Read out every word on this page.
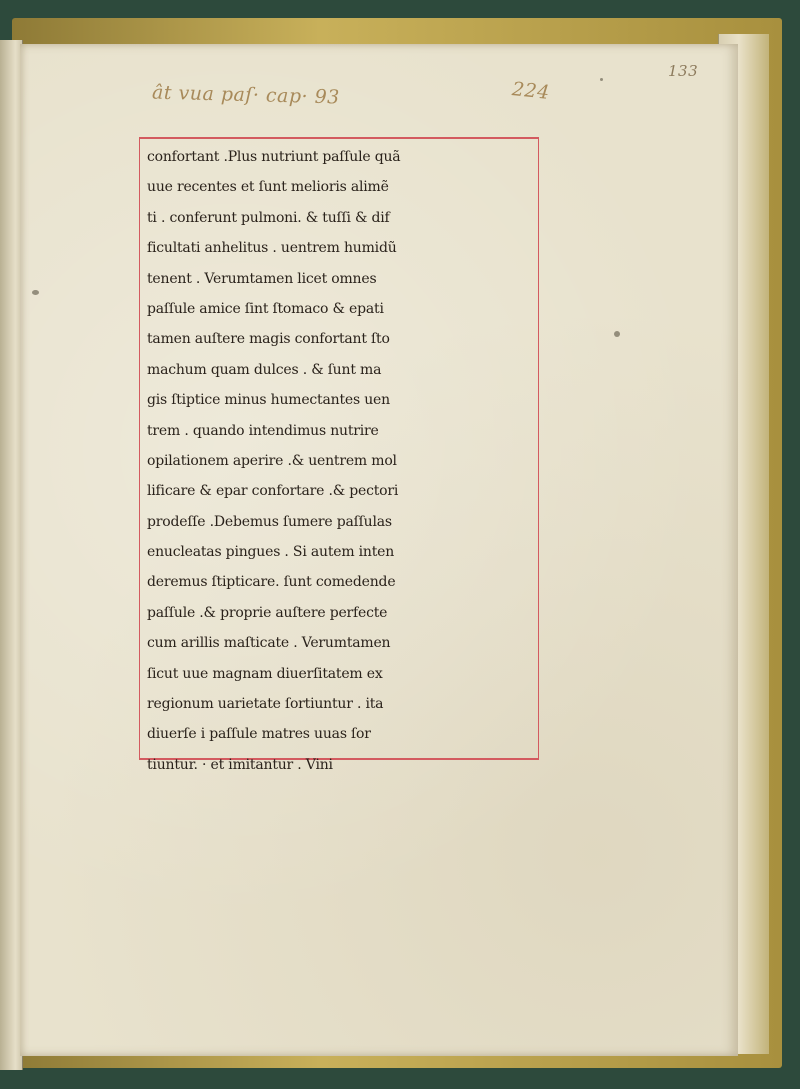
ât vua paſ· cap· 93	224
133
confortant .Plus nutriunt paſſule quã
uue recentes et ſunt melioris alimẽ
ti . conferunt pulmoni. & tuſſi & dif
ficultati anhelitus . uentrem humidũ
tenent . Verumtamen licet omnes
paſſule amice ſint ſtomaco & epati
tamen auſtere magis confortant ſto
machum quam dulces . & ſunt ma
gis ſtiptice minus humectantes uen
trem . quando intendimus nutrire
opilationem aperire .& uentrem mol
lificare & epar confortare .& pectori
prodeſſe .Debemus ſumere paſſulas
enucleatas pingues . Si autem inten
deremus ſtipticare. ſunt comedende
paſſule .& proprie auſtere perfecte
cum arillis maſticate . Verumtamen
ſicut uue magnam diuerſitatem ex
regionum uarietate ſortiuntur . ita
diuerſe i paſſule matres uuas ſor
tiuntur. · et imitantur . Vini
